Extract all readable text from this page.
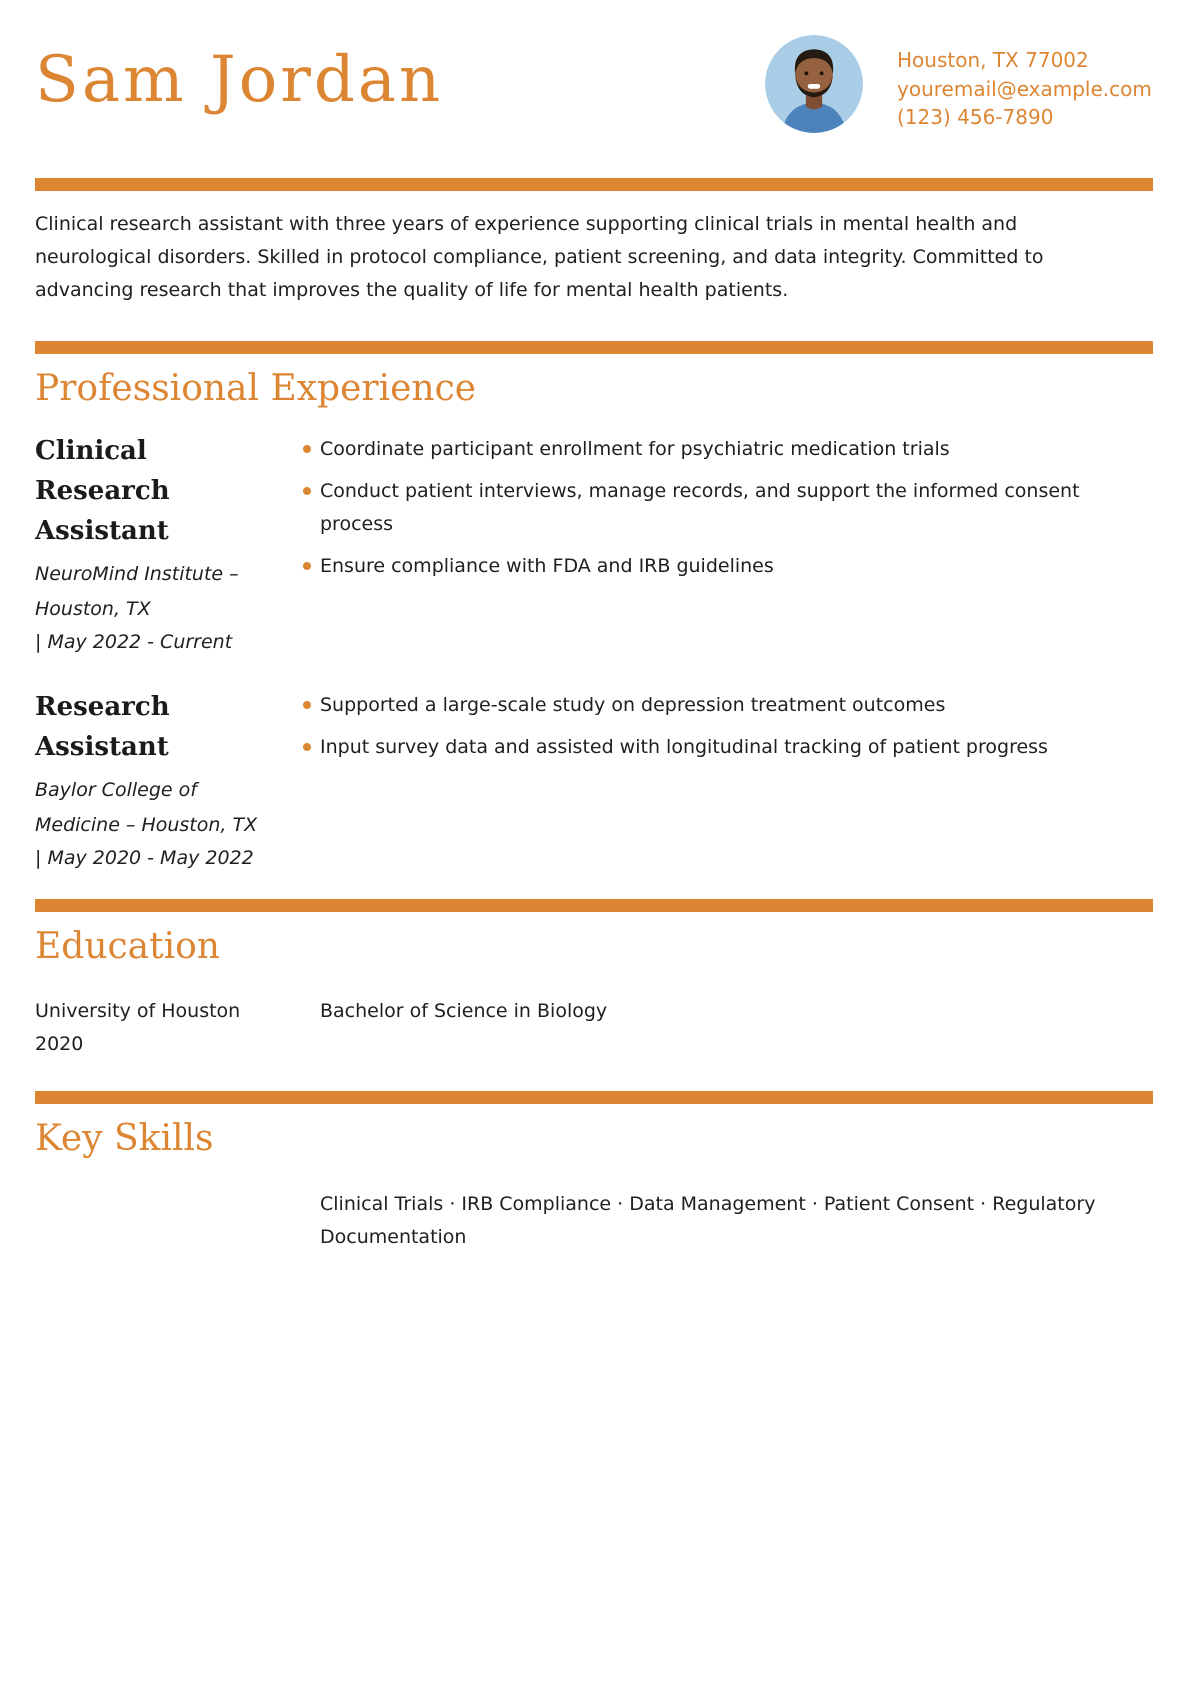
Sam Jordan	Houston, TX 77002
youremail@example.com
(123) 456-7890

Clinical research assistant with three years of experience supporting clinical trials in mental health and neurological disorders. Skilled in protocol compliance, patient screening, and data integrity. Committed to advancing research that improves the quality of life for mental health patients.

Professional Experience
Clinical Research Assistant
NeuroMind Institute – Houston, TX
| May 2022 - Current
Coordinate participant enrollment for psychiatric medication trials
Conduct patient interviews, manage records, and support the informed consent process
Ensure compliance with FDA and IRB guidelines
Research Assistant
Baylor College of Medicine – Houston, TX
| May 2020 - May 2022
Supported a large-scale study on depression treatment outcomes
Input survey data and assisted with longitudinal tracking of patient progress
Education
University of Houston
2020
Bachelor of Science in Biology
Key Skills

Clinical Trials · IRB Compliance · Data Management · Patient Consent · Regulatory Documentation
